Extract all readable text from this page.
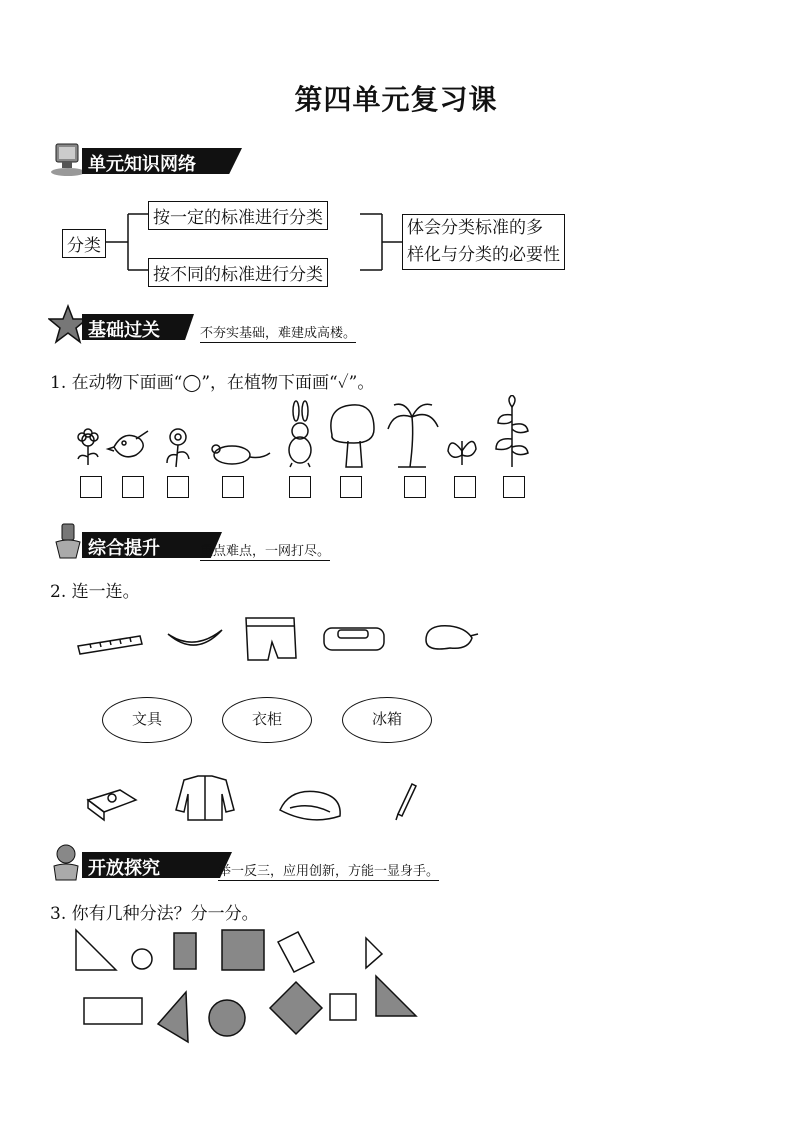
第四单元复习课
单元知识网络
分类
按一定的标准进行分类
按不同的标准进行分类
体会分类标准的多
样化与分类的必要性
基础过关	不夯实基础，难建成高楼。
1. 在动物下面画“◯”，在植物下面画“✓”。
综合提升	重点难点，一网打尽。
2. 连一连。
文具	衣柜	冰箱
开放探究	举一反三，应用创新，方能一显身手。
3. 你有几种分法？分一分。
